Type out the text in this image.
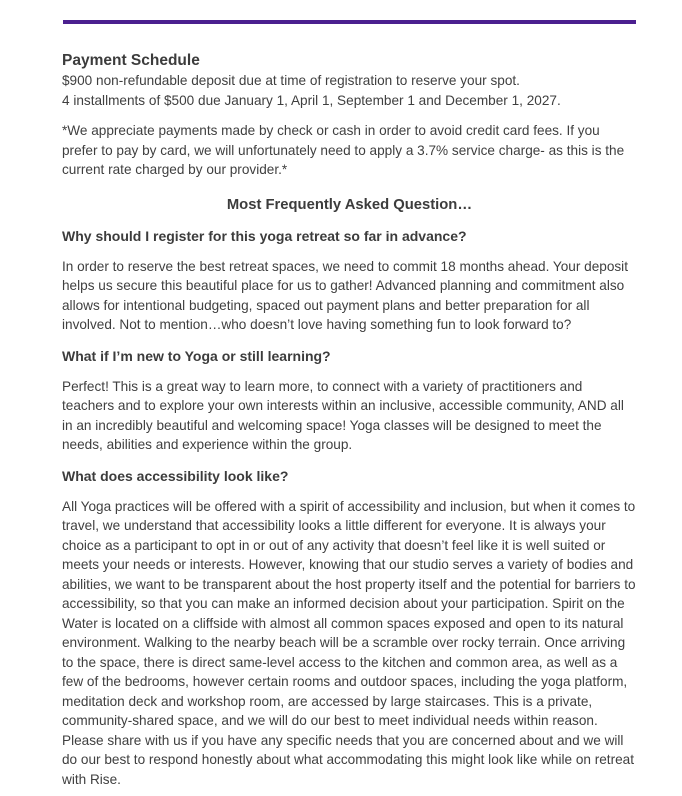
Payment Schedule

$900 non-refundable deposit due at time of registration to reserve your spot.

4 installments of $500 due January 1, April 1, September 1 and December 1, 2027.

*We appreciate payments made by check or cash in order to avoid credit card fees. If you prefer to pay by card, we will unfortunately need to apply a 3.7% service charge- as this is the current rate charged by our provider.*

Most Frequently Asked Question…
Why should I register for this yoga retreat so far in advance?

In order to reserve the best retreat spaces, we need to commit 18 months ahead. Your deposit helps us secure this beautiful place for us to gather! Advanced planning and commitment also allows for intentional budgeting, spaced out payment plans and better preparation for all involved. Not to mention…who doesn’t love having something fun to look forward to?

What if I’m new to Yoga or still learning?

Perfect! This is a great way to learn more, to connect with a variety of practitioners and teachers and to explore your own interests within an inclusive, accessible community, AND all in an incredibly beautiful and welcoming space! Yoga classes will be designed to meet the needs, abilities and experience within the group.

What does accessibility look like?

All Yoga practices will be offered with a spirit of accessibility and inclusion, but when it comes to travel, we understand that accessibility looks a little different for everyone. It is always your choice as a participant to opt in or out of any activity that doesn’t feel like it is well suited or meets your needs or interests. However, knowing that our studio serves a variety of bodies and abilities, we want to be transparent about the host property itself and the potential for barriers to accessibility, so that you can make an informed decision about your participation. Spirit on the Water is located on a cliffside with almost all common spaces exposed and open to its natural environment. Walking to the nearby beach will be a scramble over rocky terrain. Once arriving to the space, there is direct same-level access to the kitchen and common area, as well as a few of the bedrooms, however certain rooms and outdoor spaces, including the yoga platform, meditation deck and workshop room, are accessed by large staircases. This is a private, community-shared space, and we will do our best to meet individual needs within reason. Please share with us if you have any specific needs that you are concerned about and we will do our best to respond honestly about what accommodating this might look like while on retreat with Rise.
